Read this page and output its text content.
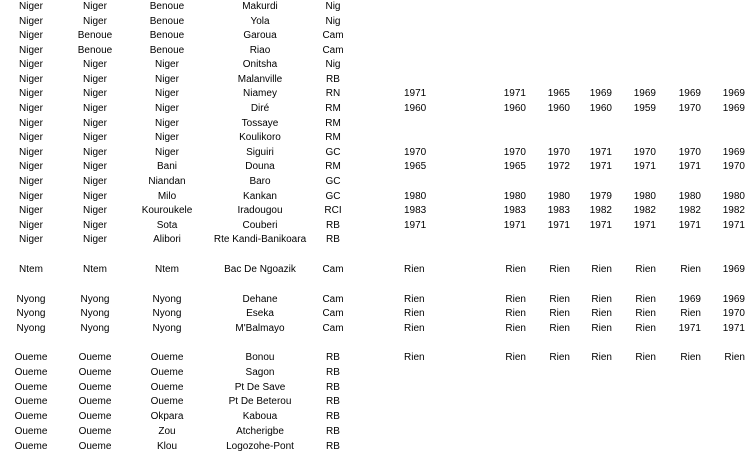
Niger	Niger	Benoue	Makurdi	Nig
Niger	Niger	Benoue	Yola	Nig
Niger	Benoue	Benoue	Garoua	Cam
Niger	Benoue	Benoue	Riao	Cam
Niger	Niger	Niger	Onitsha	Nig
Niger	Niger	Niger	Malanville	RB
Niger	Niger	Niger	Niamey	RN	1971	1971	1965	1969	1969	1969	1969
Niger	Niger	Niger	Diré	RM	1960	1960	1960	1960	1959	1970	1969
Niger	Niger	Niger	Tossaye	RM
Niger	Niger	Niger	Koulikoro	RM
Niger	Niger	Niger	Siguiri	GC	1970	1970	1970	1971	1970	1970	1969
Niger	Niger	Bani	Douna	RM	1965	1965	1972	1971	1971	1971	1970
Niger	Niger	Niandan	Baro	GC
Niger	Niger	Milo	Kankan	GC	1980	1980	1980	1979	1980	1980	1980
Niger	Niger	Kouroukele	Iradougou	RCI	1983	1983	1983	1982	1982	1982	1982
Niger	Niger	Sota	Couberi	RB	1971	1971	1971	1971	1971	1971	1971
Niger	Niger	Alibori	Rte Kandi-Banikoara	RB
Ntem	Ntem	Ntem	Bac De Ngoazik	Cam	Rien	Rien	Rien	Rien	Rien	Rien	1969
Nyong	Nyong	Nyong	Dehane	Cam	Rien	Rien	Rien	Rien	Rien	1969	1969
Nyong	Nyong	Nyong	Eseka	Cam	Rien	Rien	Rien	Rien	Rien	Rien	1970
Nyong	Nyong	Nyong	M'Balmayo	Cam	Rien	Rien	Rien	Rien	Rien	1971	1971
Oueme	Oueme	Oueme	Bonou	RB	Rien	Rien	Rien	Rien	Rien	Rien	Rien
Oueme	Oueme	Oueme	Sagon	RB
Oueme	Oueme	Oueme	Pt De Save	RB
Oueme	Oueme	Oueme	Pt De Beterou	RB
Oueme	Oueme	Okpara	Kaboua	RB
Oueme	Oueme	Zou	Atcherigbe	RB
Oueme	Oueme	Klou	Logozohe-Pont	RB
